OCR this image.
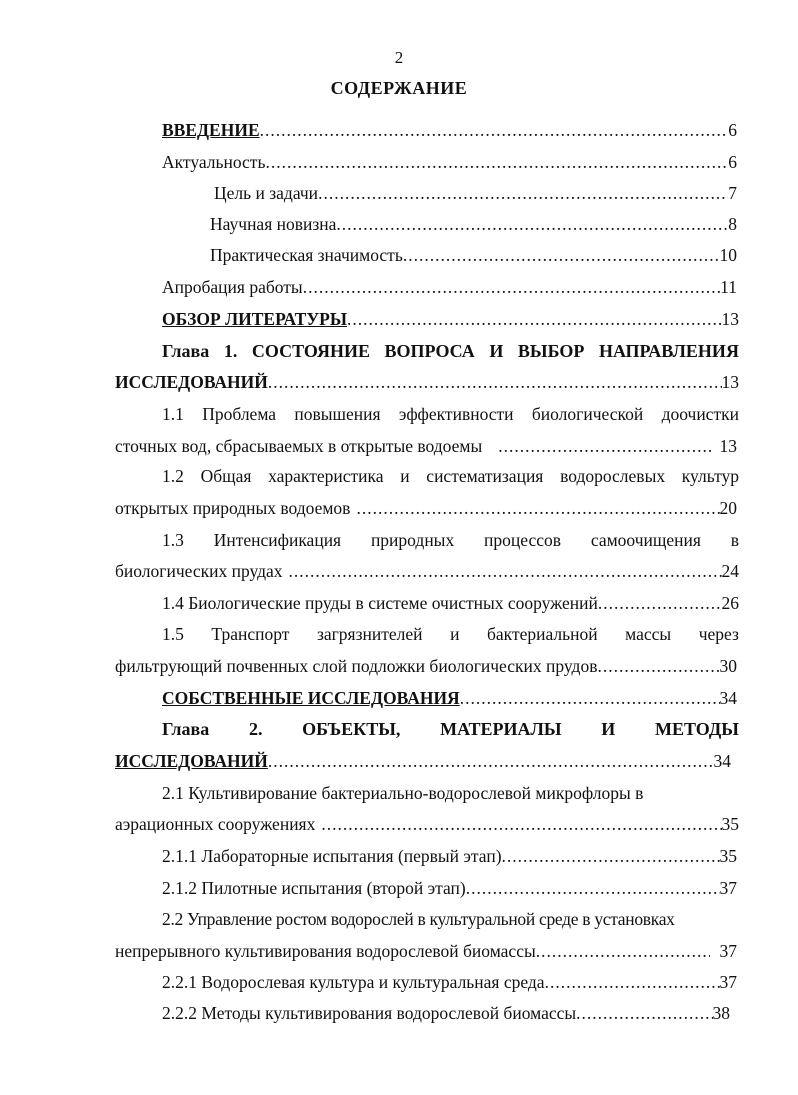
2
СОДЕРЖАНИЕ
ВВЕДЕНИЕ .....	6
Актуальность .....	6
Цель и задачи .....	7
Научная новизна .....	8
Практическая значимость .....	10
Апробация работы .....	11
ОБЗОР ЛИТЕРАТУРЫ .....	13
Глава 1. СОСТОЯНИЕ ВОПРОСА И ВЫБОР НАПРАВЛЕНИЯ
ИССЛЕДОВАНИЙ .....	13
1.1 Проблема повышения эффективности биологической доочистки
сточных вод, сбрасываемых в открытые водоемы .....	13
1.2 Общая характеристика и систематизация водорослевых культур
открытых природных водоемов .....	20
1.3 Интенсификация природных процессов самоочищения в
биологических прудах .....	24
1.4 Биологические пруды в системе очистных сооружений .....	26
1.5 Транспорт загрязнителей и бактериальной массы через
фильтрующий почвенных слой подложки биологических прудов .....	30
СОБСТВЕННЫЕ ИССЛЕДОВАНИЯ .....	34
Глава 2. ОБЪЕКТЫ, МАТЕРИАЛЫ И МЕТОДЫ
ИССЛЕДОВАНИЙ .....	34
2.1 Культивирование бактериально-водорослевой микрофлоры в
аэрационных сооружениях .....	35
2.1.1 Лабораторные испытания (первый этап) .....	35
2.1.2 Пилотные испытания (второй этап) .....	37
2.2 Управление ростом водорослей в культуральной среде в установках
непрерывного культивирования водорослевой биомассы .....	37
2.2.1 Водорослевая культура и культуральная среда .....	37
2.2.2 Методы культивирования водорослевой биомассы .....	38
